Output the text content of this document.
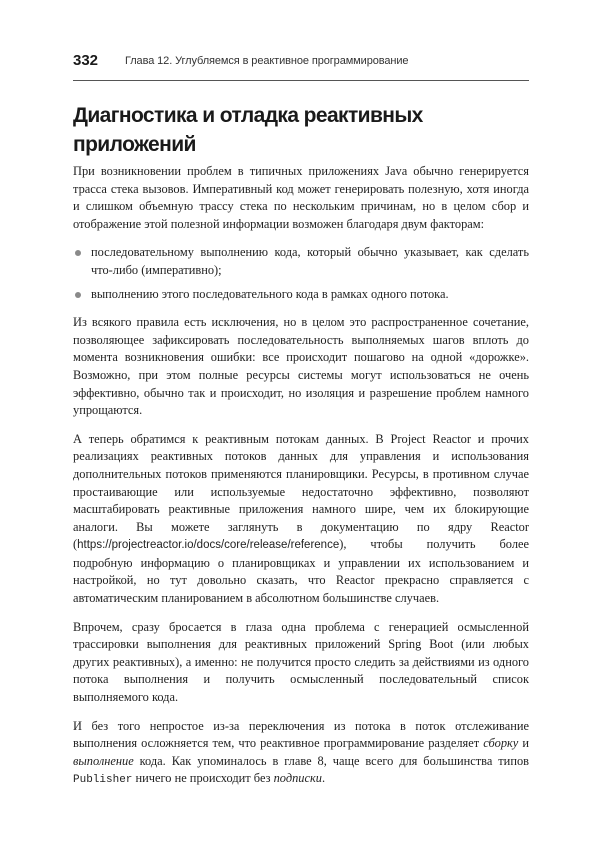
332 Глава 12. Углубляемся в реактивное программирование
Диагностика и отладка реактивных приложений

При возникновении проблем в типичных приложениях Java обычно генерируется трасса стека вызовов. Императивный код может генерировать полезную, хотя иногда и слишком объемную трассу стека по нескольким причинам, но в целом сбор и отображение этой полезной информации возможен благодаря двум факторам:

последовательному выполнению кода, который обычно указывает, как сделать что-либо (императивно);
выполнению этого последовательного кода в рамках одного потока.

Из всякого правила есть исключения, но в целом это распространенное сочетание, позволяющее зафиксировать последовательность выполняемых шагов вплоть до момента возникновения ошибки: все происходит пошагово на одной «дорожке». Возможно, при этом полные ресурсы системы могут использоваться не очень эффективно, обычно так и происходит, но изоляция и разрешение проблем намного упрощаются.

А теперь обратимся к реактивным потокам данных. В Project Reactor и прочих реализациях реактивных потоков данных для управления и использования дополнительных потоков применяются планировщики. Ресурсы, в противном случае простаивающие или используемые недостаточно эффективно, позволяют масштабировать реактивные приложения намного шире, чем их блокирующие аналоги. Вы можете заглянуть в документацию по ядру Reactor (https://projectreactor.io/docs/core/release/reference), чтобы получить более подробную информацию о планировщиках и управлении их использованием и настройкой, но тут довольно сказать, что Reactor прекрасно справляется с автоматическим планированием в абсолютном большинстве случаев.

Впрочем, сразу бросается в глаза одна проблема с генерацией осмысленной трассировки выполнения для реактивных приложений Spring Boot (или любых других реактивных), а именно: не получится просто следить за действиями из одного потока выполнения и получить осмысленный последовательный список выполняемого кода.

И без того непростое из-за переключения из потока в поток отслеживание выполнения осложняется тем, что реактивное программирование разделяет сборку и выполнение кода. Как упоминалось в главе 8, чаще всего для большинства типов Publisher ничего не происходит без подписки.
